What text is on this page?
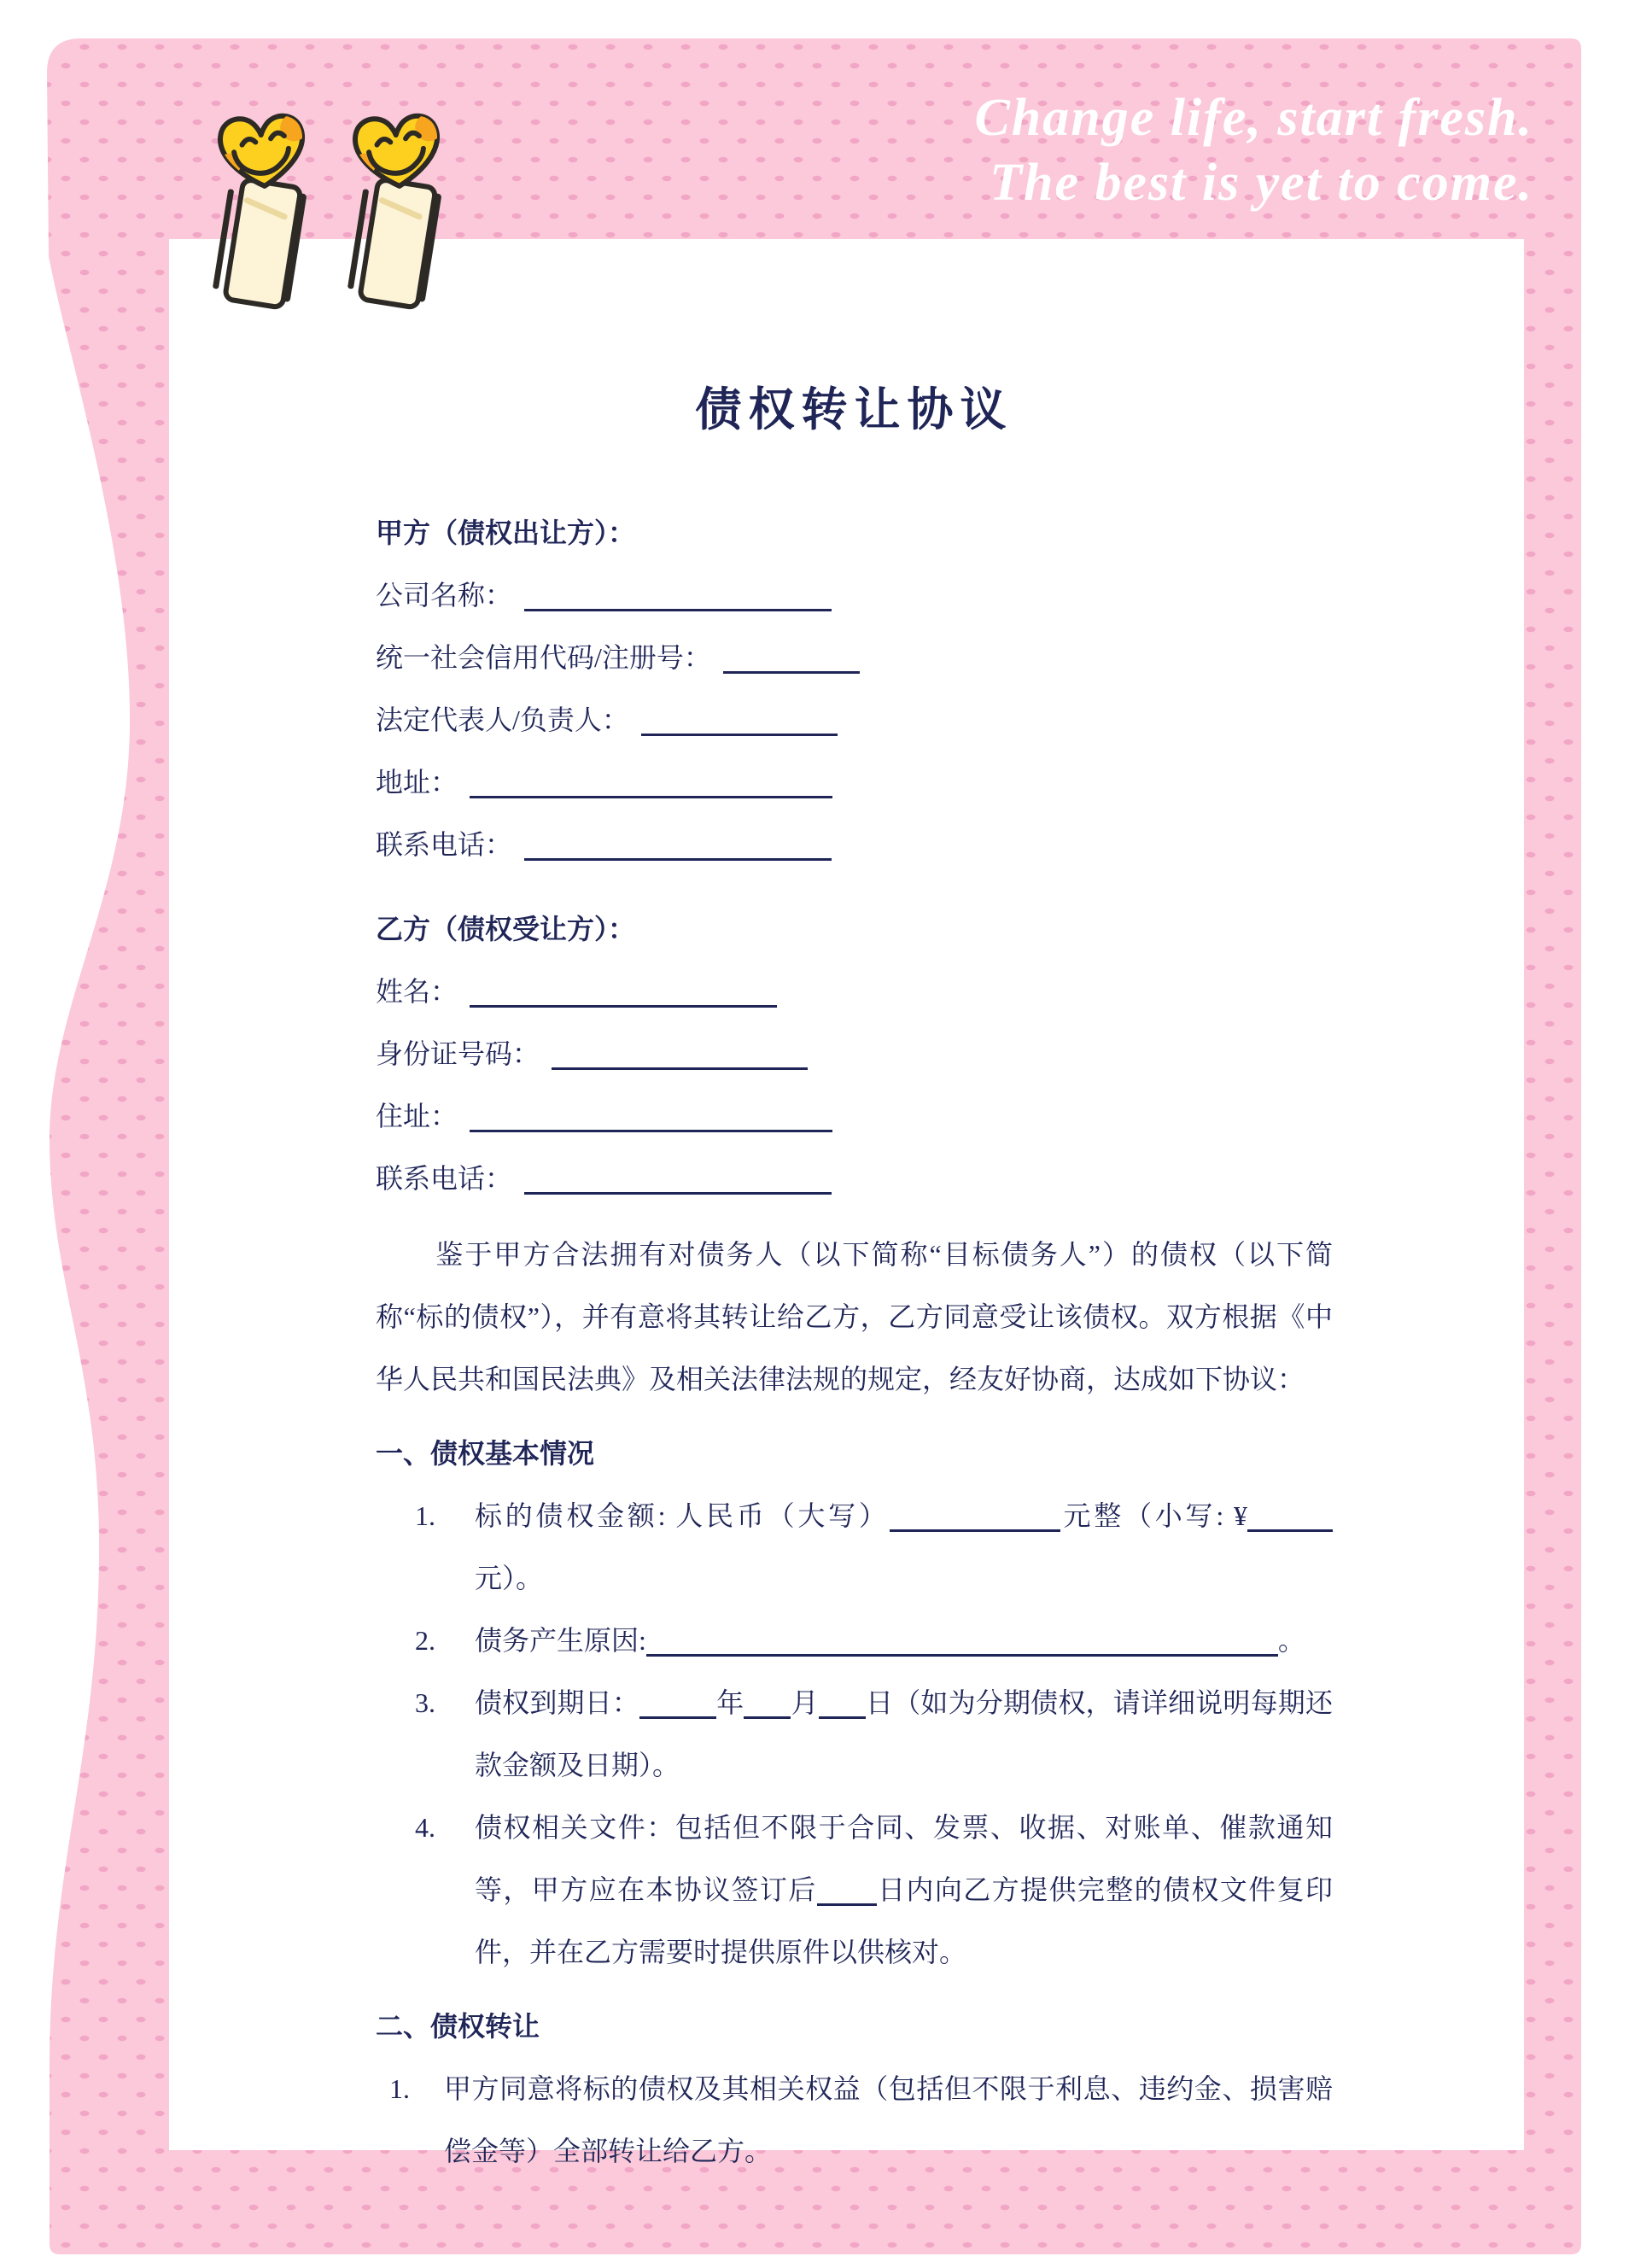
债权转让协议
甲方（债权出让方）：
公司名称：
统一社会信用代码/注册号：
法定代表人/负责人：
地址：
联系电话：
乙方（债权受让方）：
姓名：
身份证号码：
住址：
联系电话：
鉴于甲方合法拥有对债务人（以下简称“目标债务人”）的债权（以下简称“标的债权”），并有意将其转让给乙方，乙方同意受让该债权。双方根据《中华人民共和国民法典》及相关法律法规的规定，经友好协商，达成如下协议：
一、债权基本情况
1. 标的债权金额: 人民币（大写）	元整（小写: ¥元）。
2. 债务产生原因:	。
3. 债权到期日：	年 月 日（如为分期债权，请详细说明每期还款金额及日期）。
4. 债权相关文件：包括但不限于合同、发票、收据、对账单、催款通知等，甲方应在本协议签订后 日内向乙方提供完整的债权文件复印件，并在乙方需要时提供原件以供核对。
二、债权转让
1. 甲方同意将标的债权及其相关权益（包括但不限于利息、违约金、损害赔偿金等）全部转让给乙方。
Change life, start fresh.
The best is yet to come.
